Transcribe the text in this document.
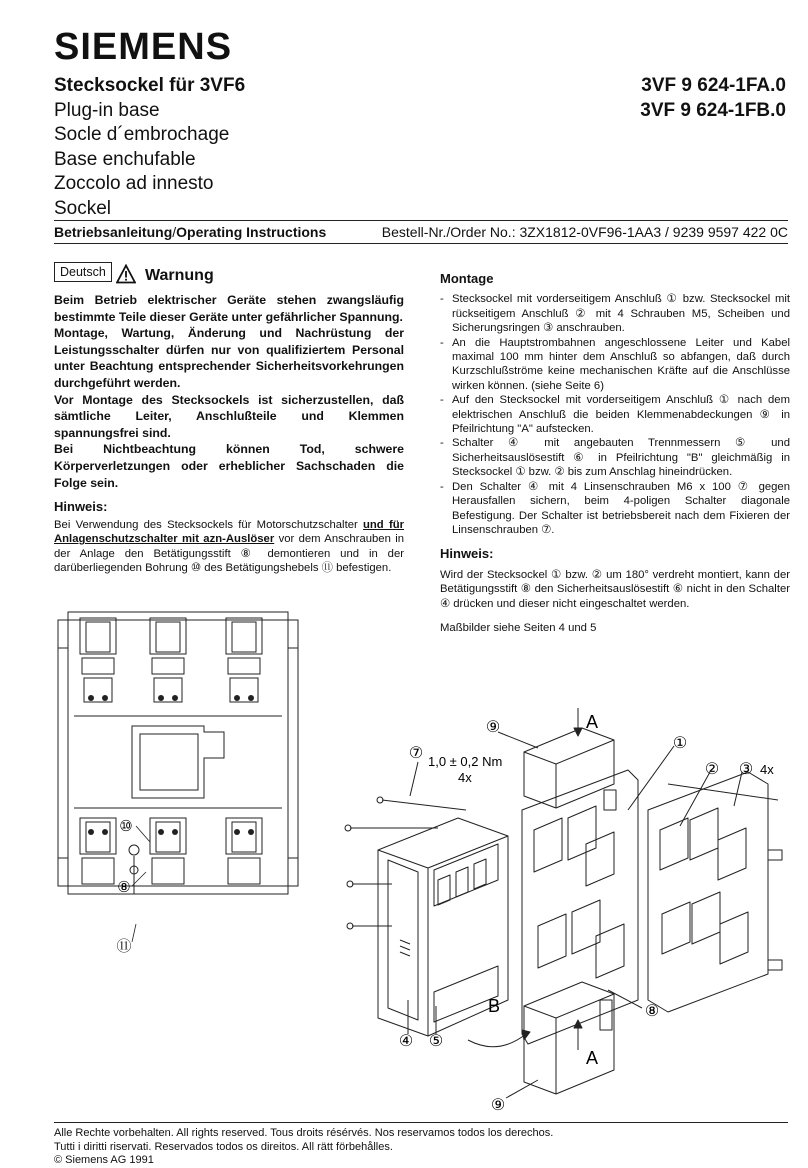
SIEMENS
Stecksockel für 3VF6
Plug-in base
Socle d´embrochage
Base enchufable
Zoccolo ad innesto
Sockel
3VF 9 624-1FA.0
3VF 9 624-1FB.0
Betriebsanleitung/Operating Instructions	Bestell-Nr./Order No.: 3ZX1812-0VF96-1AA3 / 9239 9597 422 0C
Deutsch	Warnung

Beim Betrieb elektrischer Geräte stehen zwangsläufig bestimmte Teile dieser Geräte unter gefährlicher Spannung.

Montage, Wartung, Änderung und Nachrüstung der Leistungsschalter dürfen nur von qualifiziertem Personal unter Beachtung entsprechender Sicherheitsvorkehrungen durchgeführt werden.

Vor Montage des Stecksockels ist sicherzustellen, daß sämtliche Leiter, Anschlußteile und Klemmen spannungsfrei sind.

Bei Nichtbeachtung können Tod, schwere Körperverletzungen oder erheblicher Sachschaden die Folge sein.

Hinweis:
Bei Verwendung des Stecksockels für Motorschutzschalter und für Anlagenschutzschalter mit azn-Auslöser vor dem Anschrauben in der Anlage den Betätigungsstift ⑧ demontieren und in der darüberliegenden Bohrung ⑩ des Betätigungshebels ⑪ befestigen.
Montage
- Stecksockel mit vorderseitigem Anschluß ① bzw. Stecksockel mit rückseitigem Anschluß ② mit 4 Schrauben M5, Scheiben und Sicherungsringen ③ anschrauben.
- An die Hauptstrombahnen angeschlossene Leiter und Kabel maximal 100 mm hinter dem Anschluß so abfangen, daß durch Kurzschlußströme keine mechanischen Kräfte auf die Anschlüsse wirken können. (siehe Seite 6)
- Auf den Stecksockel mit vorderseitigem Anschluß ① nach dem elektrischen Anschluß die beiden Klemmenabdeckungen ⑨ in Pfeilrichtung "A" aufstecken.
- Schalter ④ mit angebauten Trennmessern ⑤ und Sicherheitsauslösestift ⑥ in Pfeilrichtung "B" gleichmäßig in Stecksockel ① bzw. ② bis zum Anschlag hineindrücken.
- Den Schalter ④ mit 4 Linsenschrauben M6 x 100 ⑦ gegen Herausfallen sichern, beim 4-poligen Schalter diagonale Befestigung. Der Schalter ist betriebsbereit nach dem Fixieren der Linsenschrauben ⑦.
Hinweis:
Wird der Stecksockel ① bzw. ② um 180° verdreht montiert, kann der Betätigungsstift ⑧ den Sicherheitsauslösestift ⑥ nicht in den Schalter ④ drücken und dieser nicht eingeschaltet werden.
Maßbilder siehe Seiten 4 und 5
⑩
⑧
⑪
⑦
⑨
①
② ③
④ ⑤
⑧
⑨
1,0 ± 0,2 Nm
4x
4x
A
A
B
Alle Rechte vorbehalten. All rights reserved. Tous droits résérvés. Nos reservamos todos los derechos.
Tutti i diritti riservati. Reservados todos os direitos. All rätt förbehålles.
© Siemens AG 1991
